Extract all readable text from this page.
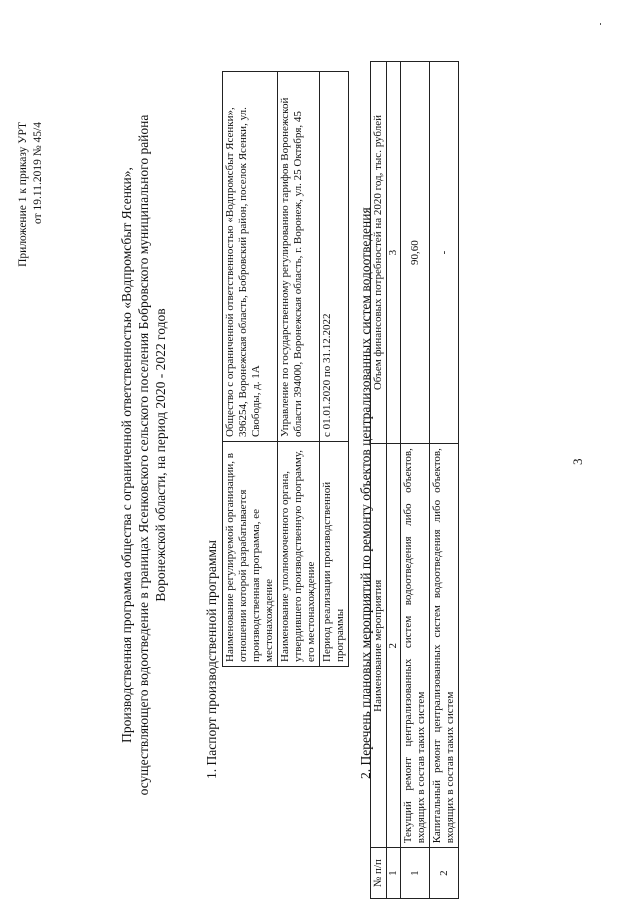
3
Приложение 1 к приказу УРТ от 19.11.2019 № 45/4	Производственная программа общества с ограниченной ответственностью «Водпромсбыт Ясенки», осуществляющего водоотведение в границах Ясенковского сельского поселения Бобровского муниципального района Воронежской области, на период 2020 - 2022 годов
1. Паспорт производственной программы Наименование регулируемой организации, в отношении которой разрабатывается производственная программа, ее местонахождение	Общество с ограниченной ответственностью «Водпромсбыт Ясенки», 396254, Воронежская область, Бобровский район, поселок Ясенки, ул. Свободы, д. 1А
Наименование уполномоченного органа, утвердившего производственную программу, его местонахождение	Управление по государственному регулированию тарифов Воронежской области 394000, Воронежская область, г. Воронеж, ул. 25 Октября, 45
Период реализации производственной программы	с 01.01.2020 по 31.12.2022 2. Перечень плановых мероприятий по ремонту объектов централизованных систем водоотведения
№ п/п	Наименование мероприятия	Объем финансовых потребностей на 2020 год, тыс. рублей
1	2	3
1	Текущий ремонт централизованных систем водоотведения либо объектов, входящих в состав таких систем	90,60
2	Капитальный ремонт централизованных систем водоотведения либо объектов, входящих в состав таких систем	-
